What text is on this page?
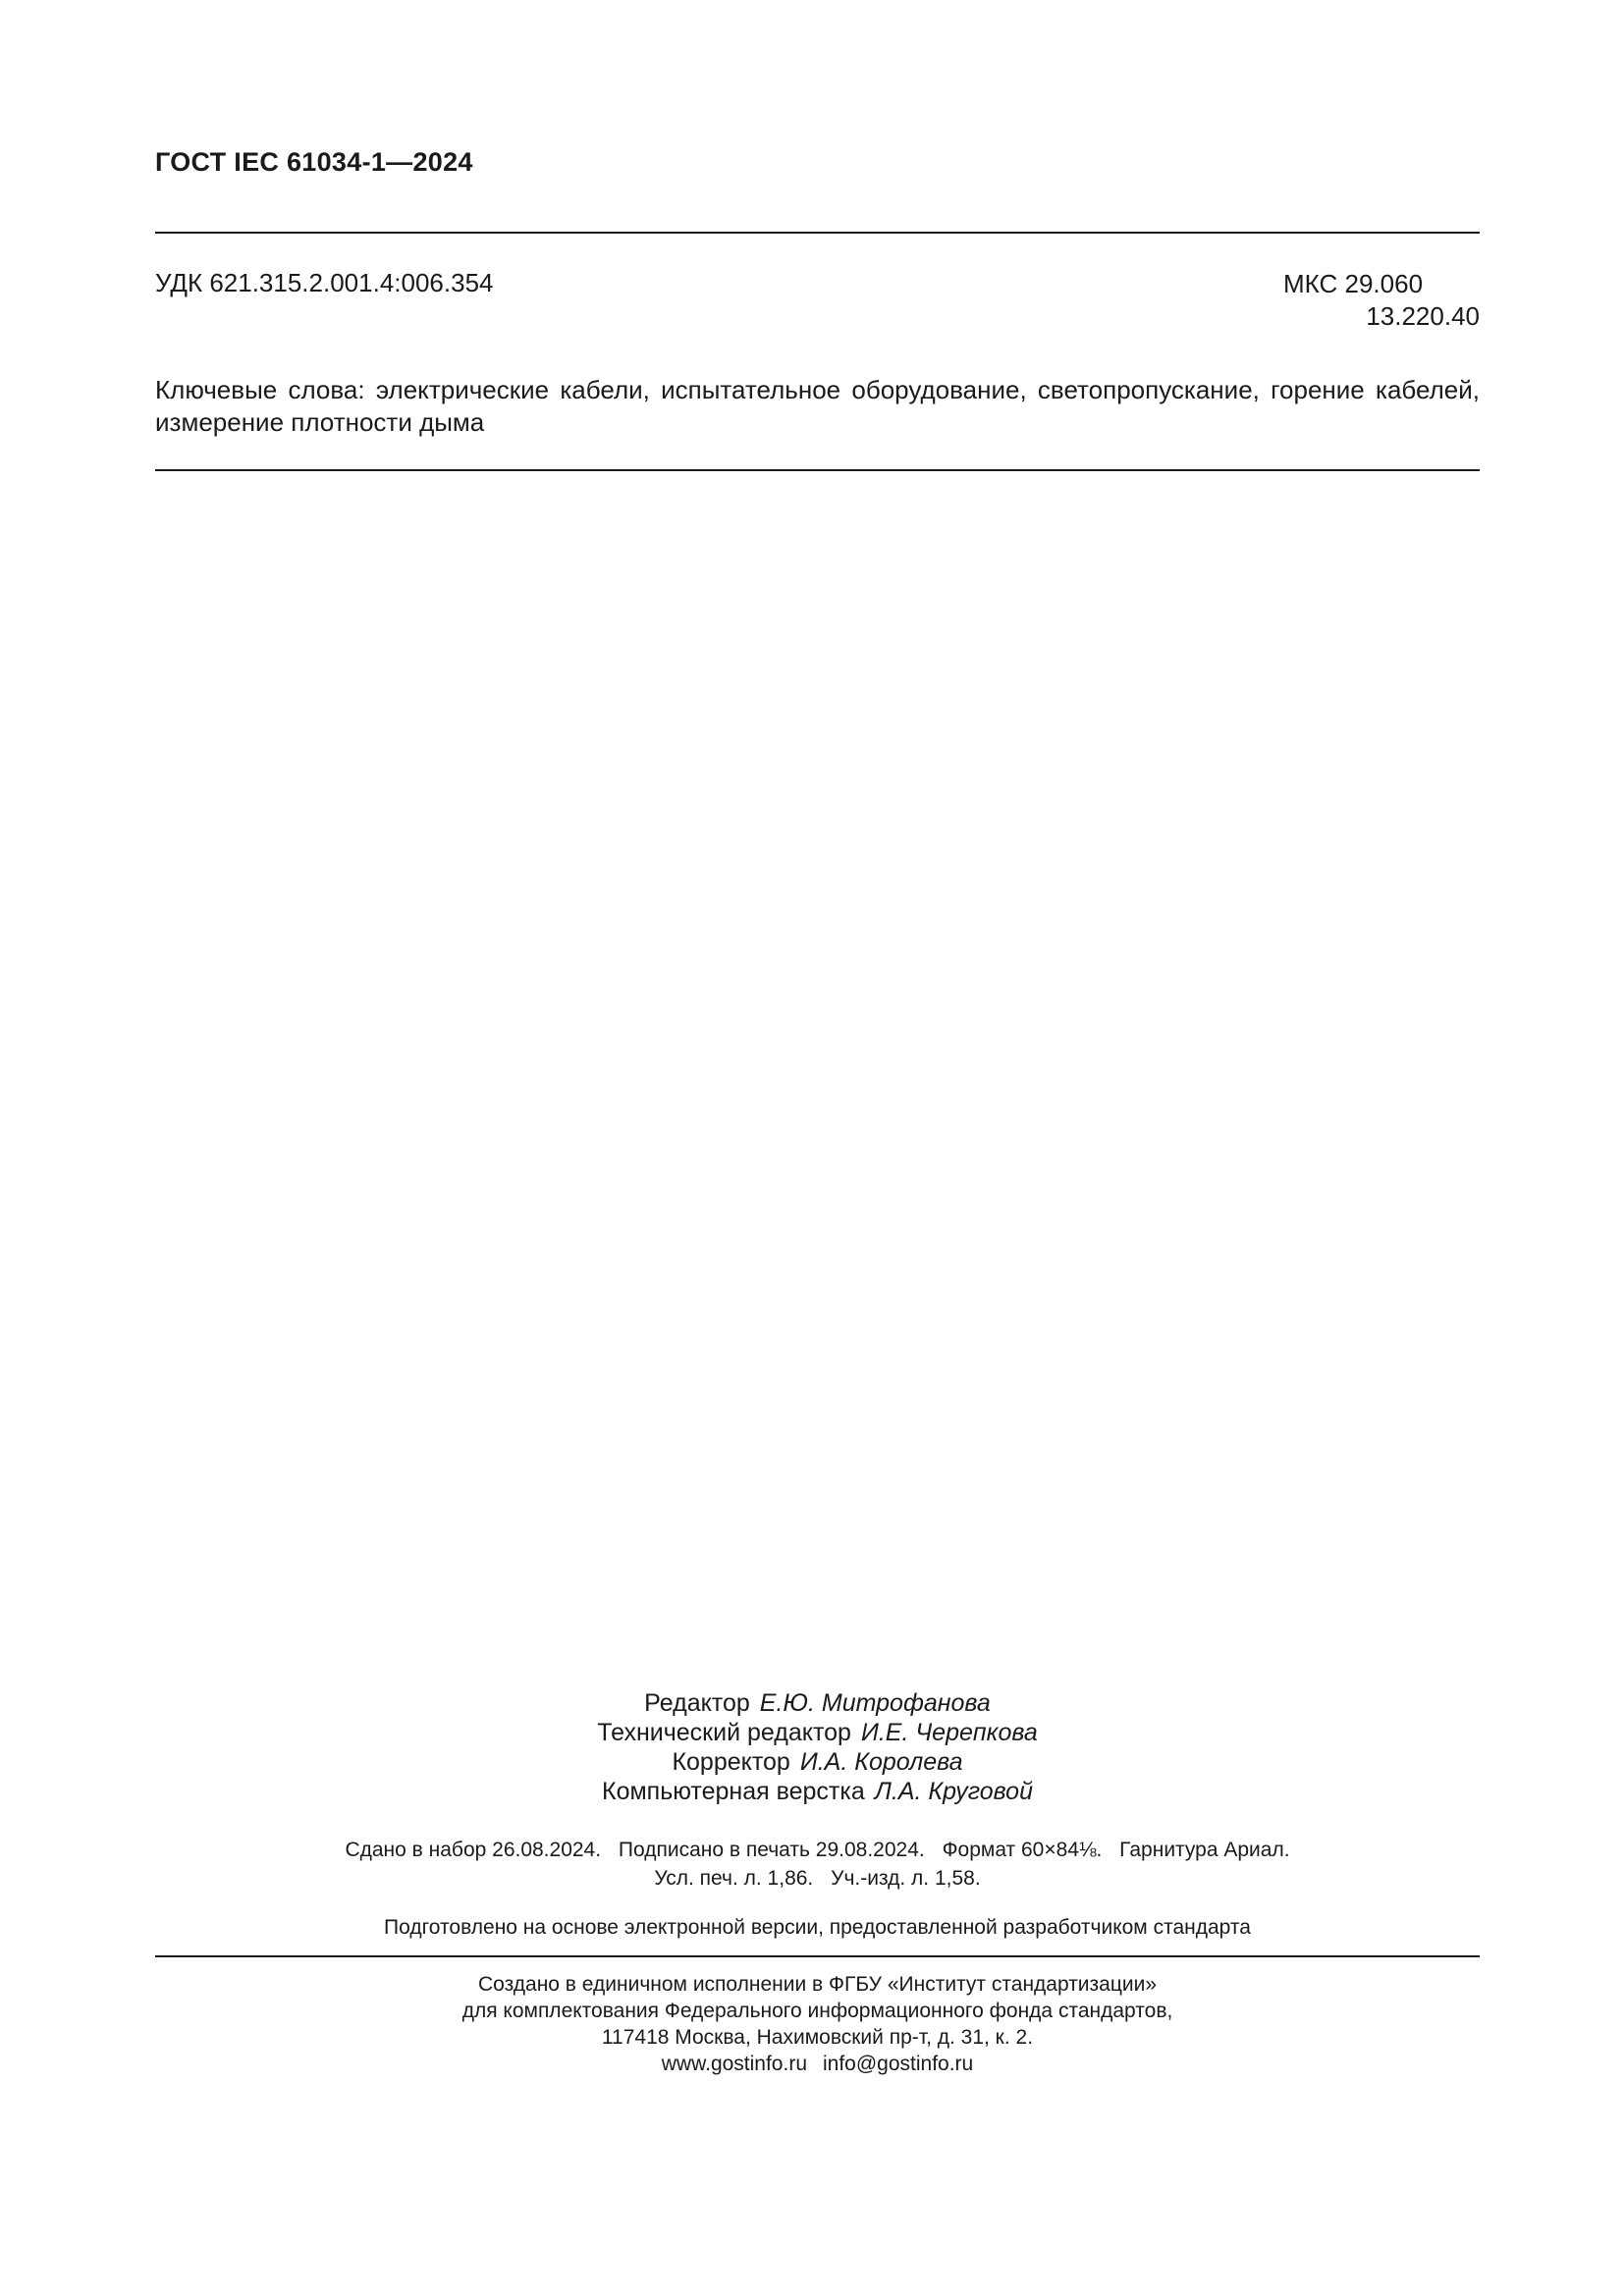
ГОСТ IEC 61034-1—2024
УДК 621.315.2.001.4:006.354	МКС 29.060
13.220.40
Ключевые слова: электрические кабели, испытательное оборудование, светопропускание, горение кабелей, измерение плотности дыма
Редактор Е.Ю. Митрофанова
Технический редактор И.Е. Черепкова
Корректор И.А. Королева
Компьютерная верстка Л.А. Круговой
Сдано в набор 26.08.2024. Подписано в печать 29.08.2024. Формат 60×84⅛. Гарнитура Ариал.
Усл. печ. л. 1,86. Уч.-изд. л. 1,58.
Подготовлено на основе электронной версии, предоставленной разработчиком стандарта
Создано в единичном исполнении в ФГБУ «Институт стандартизации»
для комплектования Федерального информационного фонда стандартов,
117418 Москва, Нахимовский пр-т, д. 31, к. 2.
www.gostinfo.ru info@gostinfo.ru
